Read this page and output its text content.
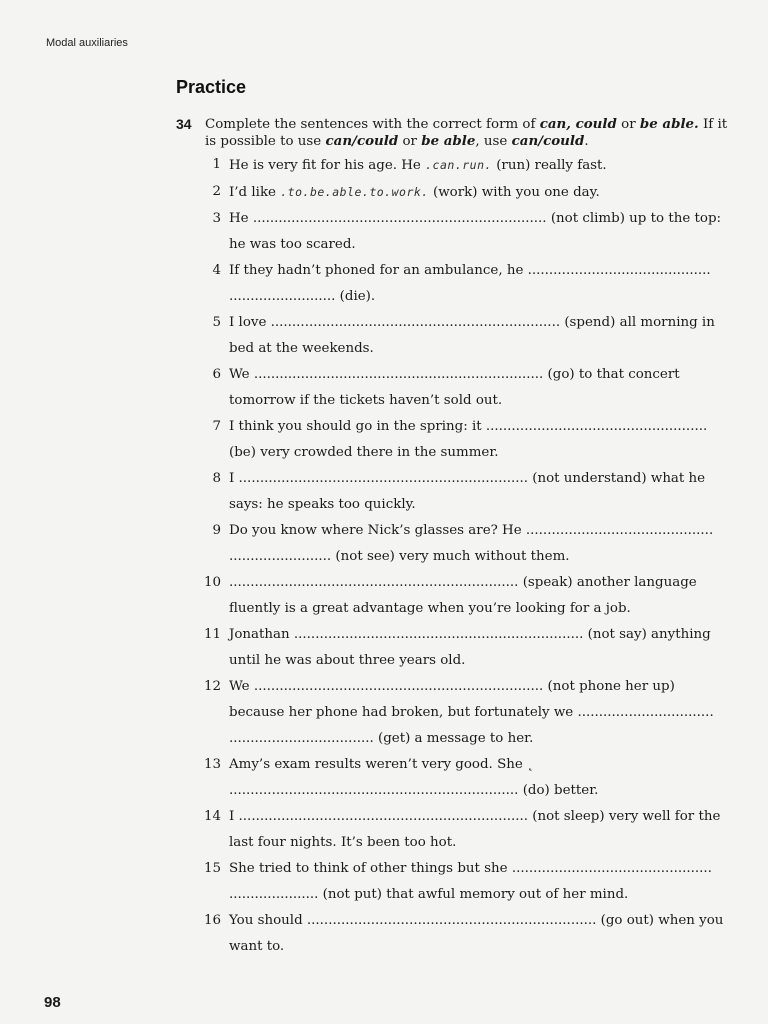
Modal auxiliaries
Practice
34 Complete the sentences with the correct form of can, could or be able. If it is possible to use can/could or be able, use can/could.
1 He is very fit for his age. He .can.run. (run) really fast.
2 I’d like .to.be.able.to.work. (work) with you one day.
3 He ..................................................................... (not climb) up to the top: he was too scared.
4 If they hadn’t phoned for an ambulance, he ........................................... ......................... (die).
5 I love .................................................................... (spend) all morning in bed at the weekends.
6 We .................................................................... (go) to that concert tomorrow if the tickets haven’t sold out.
7 I think you should go in the spring: it .................................................... (be) very crowded there in the summer.
8 I .................................................................... (not understand) what he says: he speaks too quickly.
9 Do you know where Nick’s glasses are? He ............................................ ........................ (not see) very much without them.
10 .................................................................... (speak) another language fluently is a great advantage when you’re looking for a job.
11 Jonathan .................................................................... (not say) anything until he was about three years old.
12 We .................................................................... (not phone her up) because her phone had broken, but fortunately we ................................ .................................. (get) a message to her.
13 Amy’s exam results weren’t very good. She ˛ .................................................................... (do) better.
14 I .................................................................... (not sleep) very well for the last four nights. It’s been too hot.
15 She tried to think of other things but she ............................................... ..................... (not put) that awful memory out of her mind.
16 You should .................................................................... (go out) when you want to.
98
